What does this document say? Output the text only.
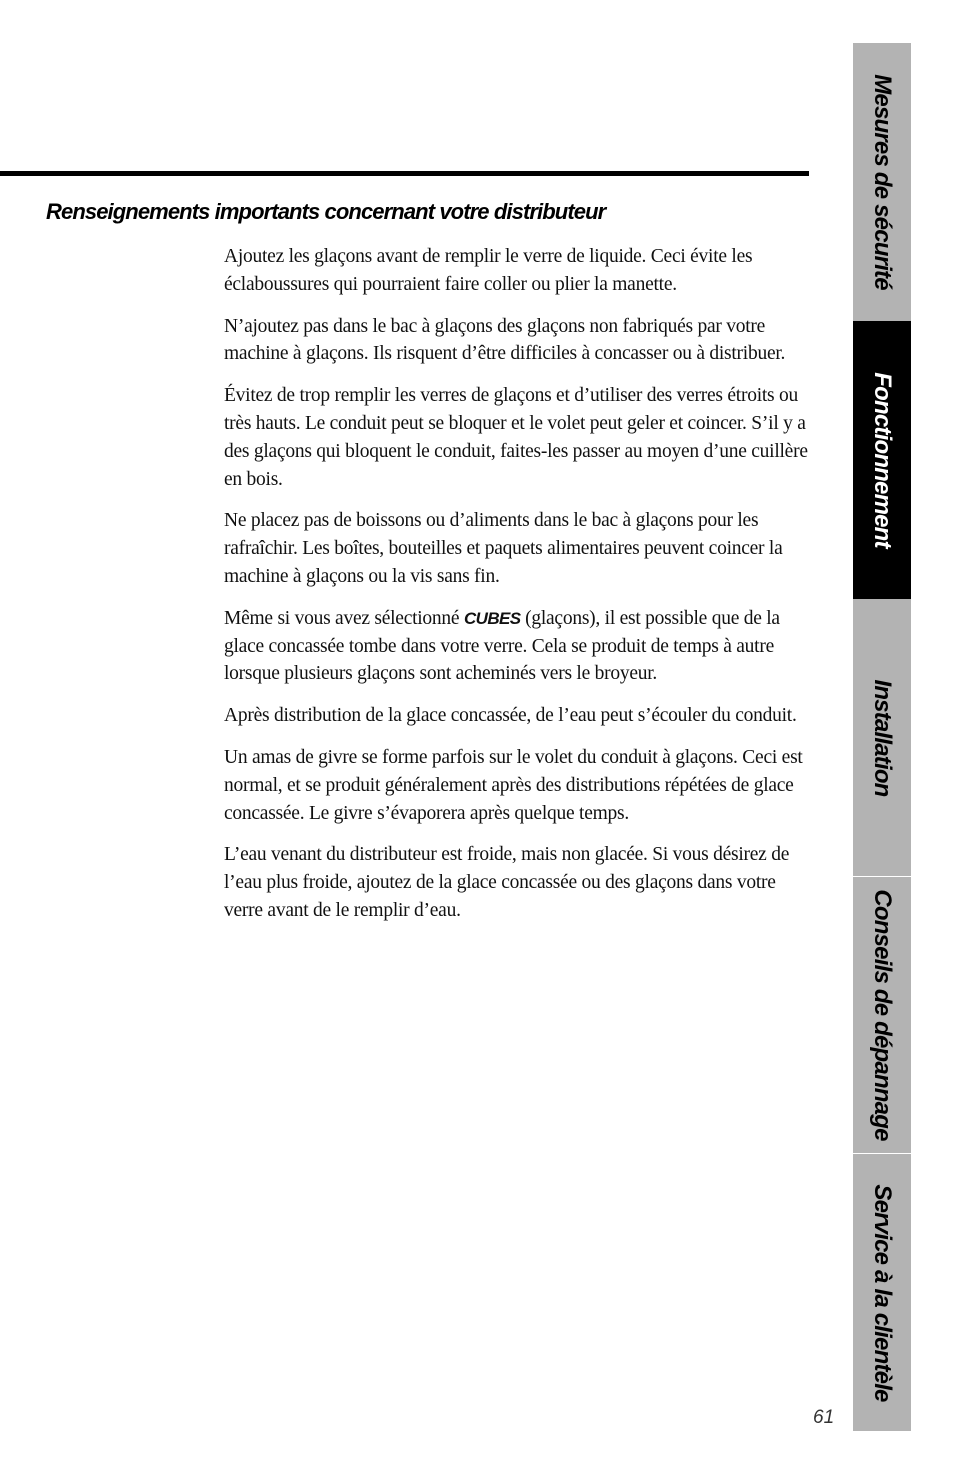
Renseignements importants concernant votre distributeur

Ajoutez les glaçons avant de remplir le verre de liquide. Ceci évite les éclaboussures qui pourraient faire coller ou plier la manette.

N’ajoutez pas dans le bac à glaçons des glaçons non fabriqués par votre machine à glaçons. Ils risquent d’être difficiles à concasser ou à distribuer.

Évitez de trop remplir les verres de glaçons et d’utiliser des verres étroits ou très hauts. Le conduit peut se bloquer et le volet peut geler et coincer. S’il y a des glaçons qui bloquent le conduit, faites-les passer au moyen d’une cuillère en bois.

Ne placez pas de boissons ou d’aliments dans le bac à glaçons pour les rafraîchir. Les boîtes, bouteilles et paquets alimentaires peuvent coincer la machine à glaçons ou la vis sans fin.

Même si vous avez sélectionné CUBES (glaçons), il est possible que de la glace concassée tombe dans votre verre. Cela se produit de temps à autre lorsque plusieurs glaçons sont acheminés vers le broyeur.

Après distribution de la glace concassée, de l’eau peut s’écouler du conduit.

Un amas de givre se forme parfois sur le volet du conduit à glaçons. Ceci est normal, et se produit généralement après des distributions répétées de glace concassée. Le givre s’évaporera après quelque temps.

L’eau venant du distributeur est froide, mais non glacée. Si vous désirez de l’eau plus froide, ajoutez de la glace concassée ou des glaçons dans votre verre avant de le remplir d’eau.

Mesures de sécurité
Fonctionnement
Installation
Conseils de dépannage
Service à la clientèle
61
